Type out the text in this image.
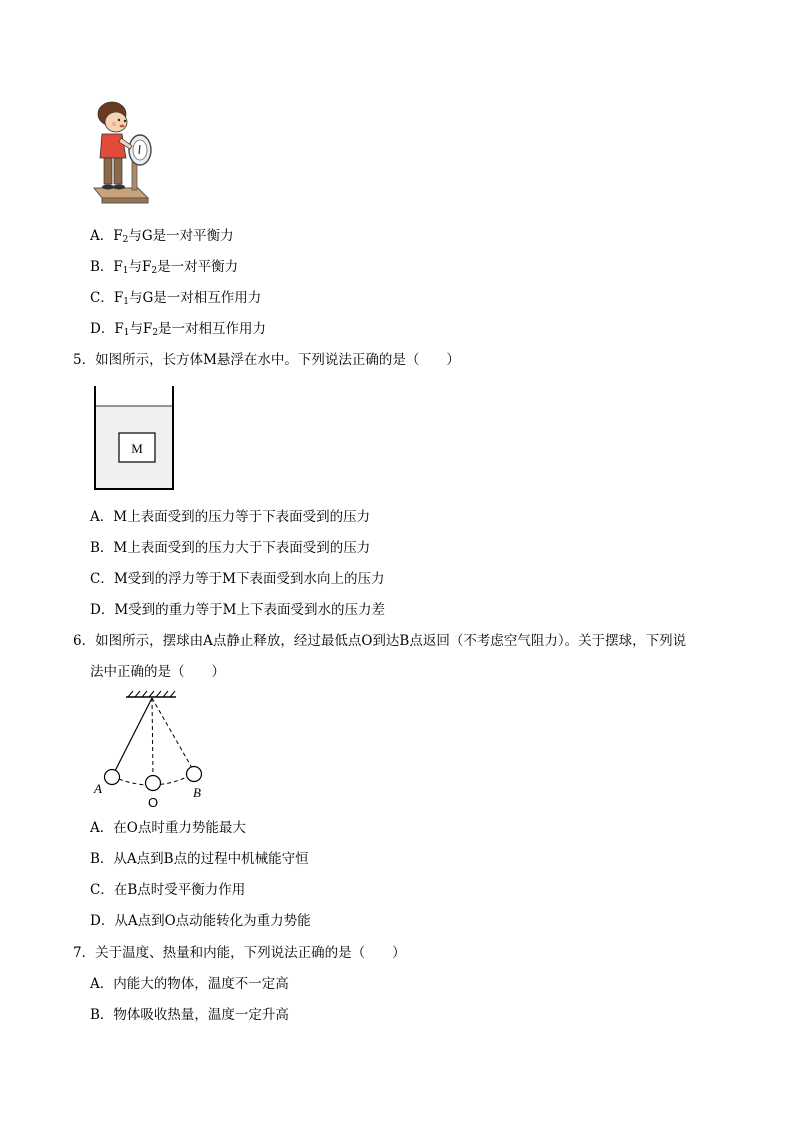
A．$F_2$与G是一对平衡力
B．$F_1$与$F_2$是一对平衡力
C．$F_1$与G是一对相互作用力
D．$F_1$与$F_2$是一对相互作用力
5．如图所示，长方体M悬浮在水中。下列说法正确的是（　　）
M
A．M上表面受到的压力等于下表面受到的压力
B．M上表面受到的压力大于下表面受到的压力
C．M受到的浮力等于M下表面受到水向上的压力
D．M受到的重力等于M上下表面受到水的压力差
6．如图所示，摆球由A点静止释放，经过最低点O到达B点返回（不考虑空气阻力）。关于摆球，下列说
法中正确的是（　　）
A
O
B
A．在O点时重力势能最大
B．从A点到B点的过程中机械能守恒
C．在B点时受平衡力作用
D．从A点到O点动能转化为重力势能
7．关于温度、热量和内能，下列说法正确的是（　　）
A．内能大的物体，温度不一定高
B．物体吸收热量，温度一定升高
